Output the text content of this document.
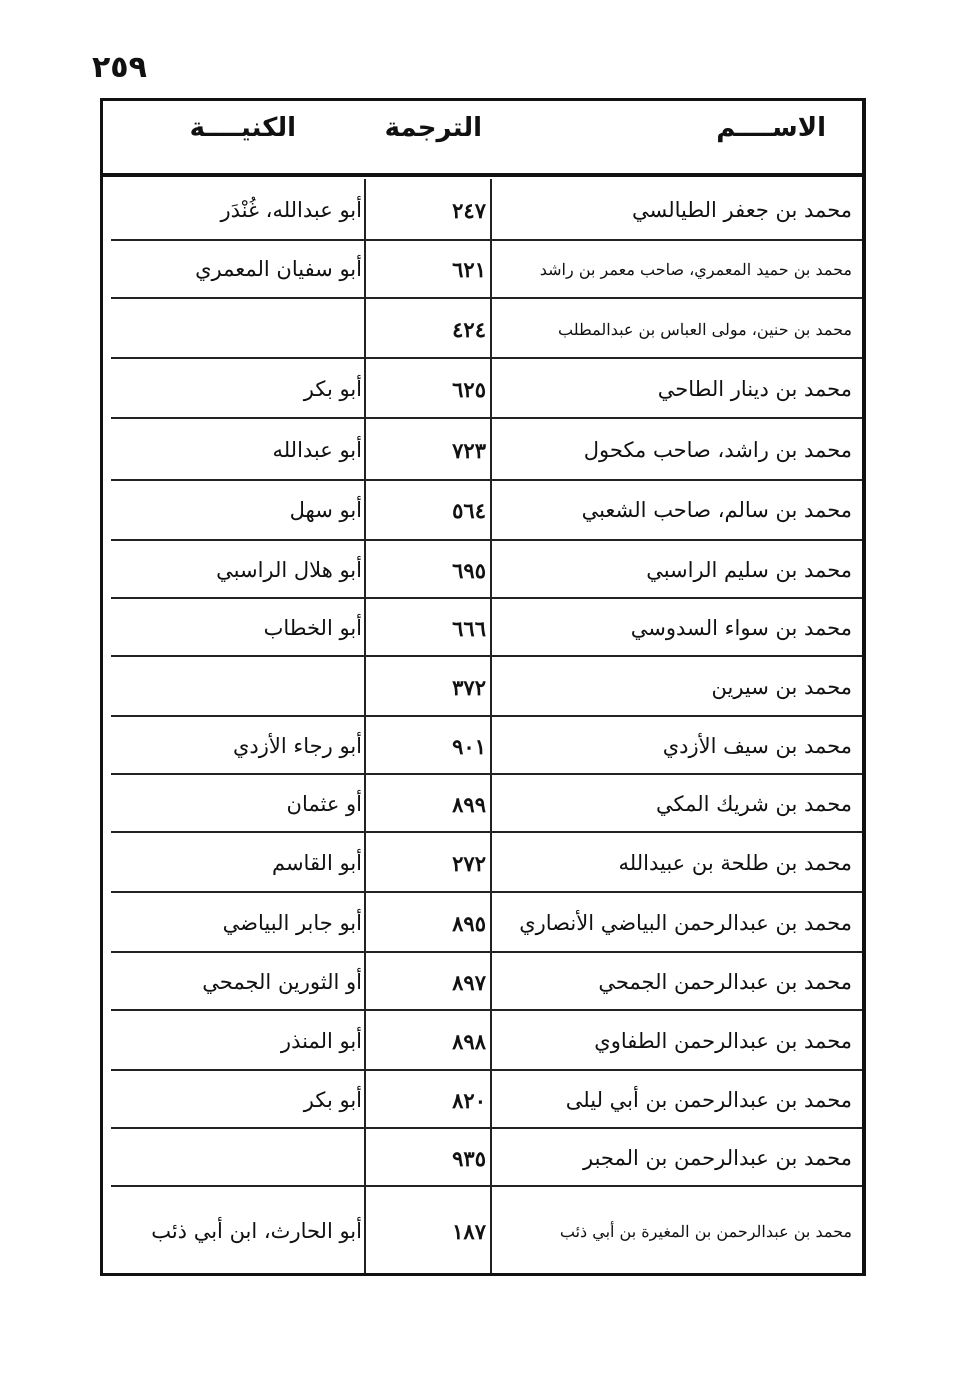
٢٥٩
الاســــم
الترجمة
الكنيــــة
محمد بن جعفر الطيالسي
٢٤٧
أبو عبدالله، غُنْدَر
محمد بن حميد المعمري، صاحب معمر بن راشد
٦٢١
أبو سفيان المعمري
محمد بن حنين، مولى العباس بن عبدالمطلب
٤٢٤
محمد بن دينار الطاحي
٦٢٥
أبو بكر
محمد بن راشد، صاحب مكحول
٧٢٣
أبو عبدالله
محمد بن سالم، صاحب الشعبي
٥٦٤
أبو سهل
محمد بن سليم الراسبي
٦٩٥
أبو هلال الراسبي
محمد بن سواء السدوسي
٦٦٦
أبو الخطاب
محمد بن سيرين
٣٧٢
محمد بن سيف الأزدي
٩٠١
أبو رجاء الأزدي
محمد بن شريك المكي
٨٩٩
أو عثمان
محمد بن طلحة بن عبيدالله
٢٧٢
أبو القاسم
محمد بن عبدالرحمن البياضي الأنصاري
٨٩٥
أبو جابر البياضي
محمد بن عبدالرحمن الجمحي
٨٩٧
أو الثورين الجمحي
محمد بن عبدالرحمن الطفاوي
٨٩٨
أبو المنذر
محمد بن عبدالرحمن بن أبي ليلى
٨٢٠
أبو بكر
محمد بن عبدالرحمن بن المجبر
٩٣٥
محمد بن عبدالرحمن بن المغيرة بن أبي ذئب
١٨٧
أبو الحارث، ابن أبي ذئب
